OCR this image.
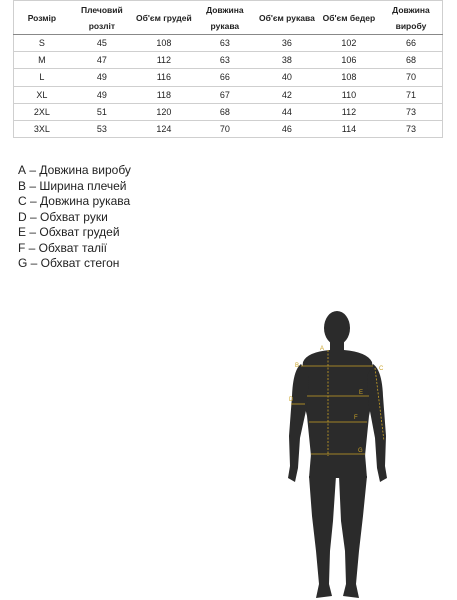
Розмір	Плечовий розліт	Об'єм грудей	Довжина рукава	Об'єм рукава	Об'єм бедер	Довжина виробу
S	45	108	63	36	102	66
M	47	112	63	38	106	68
L	49	116	66	40	108	70
XL	49	118	67	42	110	71
2XL	51	120	68	44	112	73
3XL	53	124	70	46	114	73
A – Довжина виробу
B – Ширина плечей
C – Довжина рукава
D – Обхват руки
E – Обхват грудей
F – Обхват талії
G – Обхват стегон
A
B	C
D
E
F
G
